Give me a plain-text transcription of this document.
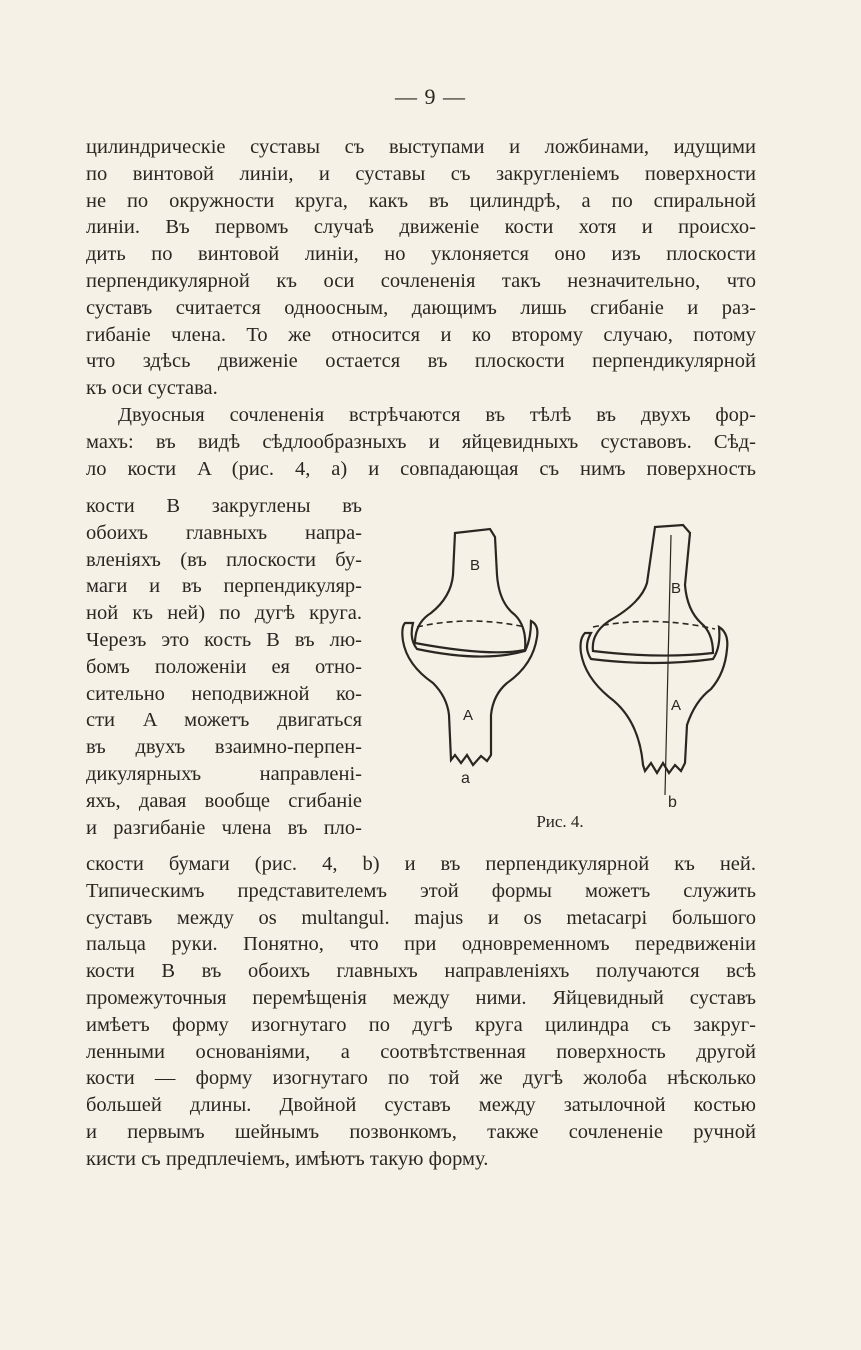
— 9 —
цилиндрическіе суставы съ выступами и ложбинами, идущими
по винтовой линіи, и суставы съ закругленіемъ поверхности
не по окружности круга, какъ въ цилиндрѣ, а по спиральной
линіи. Въ первомъ случаѣ движеніе кости хотя и происхо-
дить по винтовой линіи, но уклоняется оно изъ плоскости
перпендикулярной къ оси сочлененія такъ незначительно, что
суставъ считается одноосным, дающимъ лишь сгибаніе и раз-
гибаніе члена. То же относится и ко второму случаю, потому
что здѣсь движеніе остается въ плоскости перпендикулярной
къ оси сустава.
Двуосныя сочлененія встрѣчаются въ тѣлѣ въ двухъ фор-
махъ: въ видѣ сѣдлообразныхъ и яйцевидныхъ суставовъ. Сѣд-
ло кости A (рис. 4, a) и совпадающая съ нимъ поверхность
кости B закруглены въ
обоихъ главныхъ напра-
вленіяхъ (въ плоскости бу-
маги и въ перпендикуляр-
ной къ ней) по дугѣ круга.
Черезъ это кость B въ лю-
бомъ положеніи ея отно-
сительно неподвижной ко-
сти A можетъ двигаться
въ двухъ взаимно-перпен-
дикулярныхъ направлені-
яхъ, давая вообще сгибаніе
и разгибаніе члена въ пло-
скости бумаги (рис. 4, b) и въ перпендикулярной къ ней.
Типическимъ представителемъ этой формы можетъ служить
суставъ между os multangul. majus и os metacarpi большого
пальца руки. Понятно, что при одновременномъ передвиженіи
кости B въ обоихъ главныхъ направленіяхъ получаются всѣ
промежуточныя перемѣщенія между ними. Яйцевидный суставъ
имѣетъ форму изогнутаго по дугѣ круга цилиндра съ закруг-
ленными основаніями, а соотвѣтственная поверхность другой
кости — форму изогнутаго по той же дугѣ жолоба нѣсколько
большей длины. Двойной суставъ между затылочной костью
и первымъ шейнымъ позвонкомъ, также сочлененіе ручной
кисти съ предплечіемъ, имѣютъ такую форму.
B
A
a
B
A
b
Рис. 4.
